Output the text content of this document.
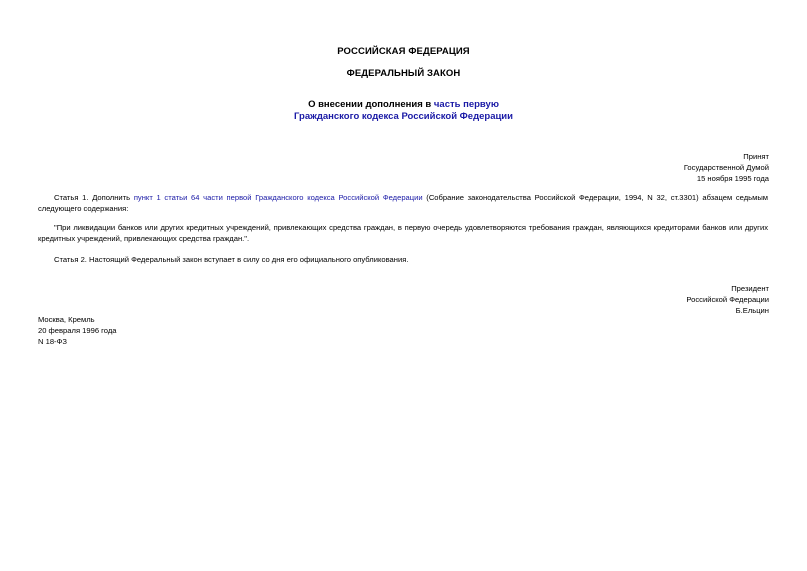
РОССИЙСКАЯ ФЕДЕРАЦИЯ
ФЕДЕРАЛЬНЫЙ ЗАКОН
О внесении дополнения в часть первую
Гражданского кодекса Российской Федерации
Принят
Государственной Думой
15 ноября 1995 года
Статья 1. Дополнить пункт 1 статьи 64 части первой Гражданского кодекса Российской Федерации (Собрание законодательства Российской Федерации, 1994, N 32, ст.3301) абзацем седьмым следующего содержания:
"При ликвидации банков или других кредитных учреждений, привлекающих средства граждан, в первую очередь удовлетворяются требования граждан, являющихся кредиторами банков или других кредитных учреждений, привлекающих средства граждан.".
Статья 2. Настоящий Федеральный закон вступает в силу со дня его официального опубликования.
Президент
Российской Федерации
Б.Ельцин
Москва, Кремль
20 февраля 1996 года
N 18-ФЗ
